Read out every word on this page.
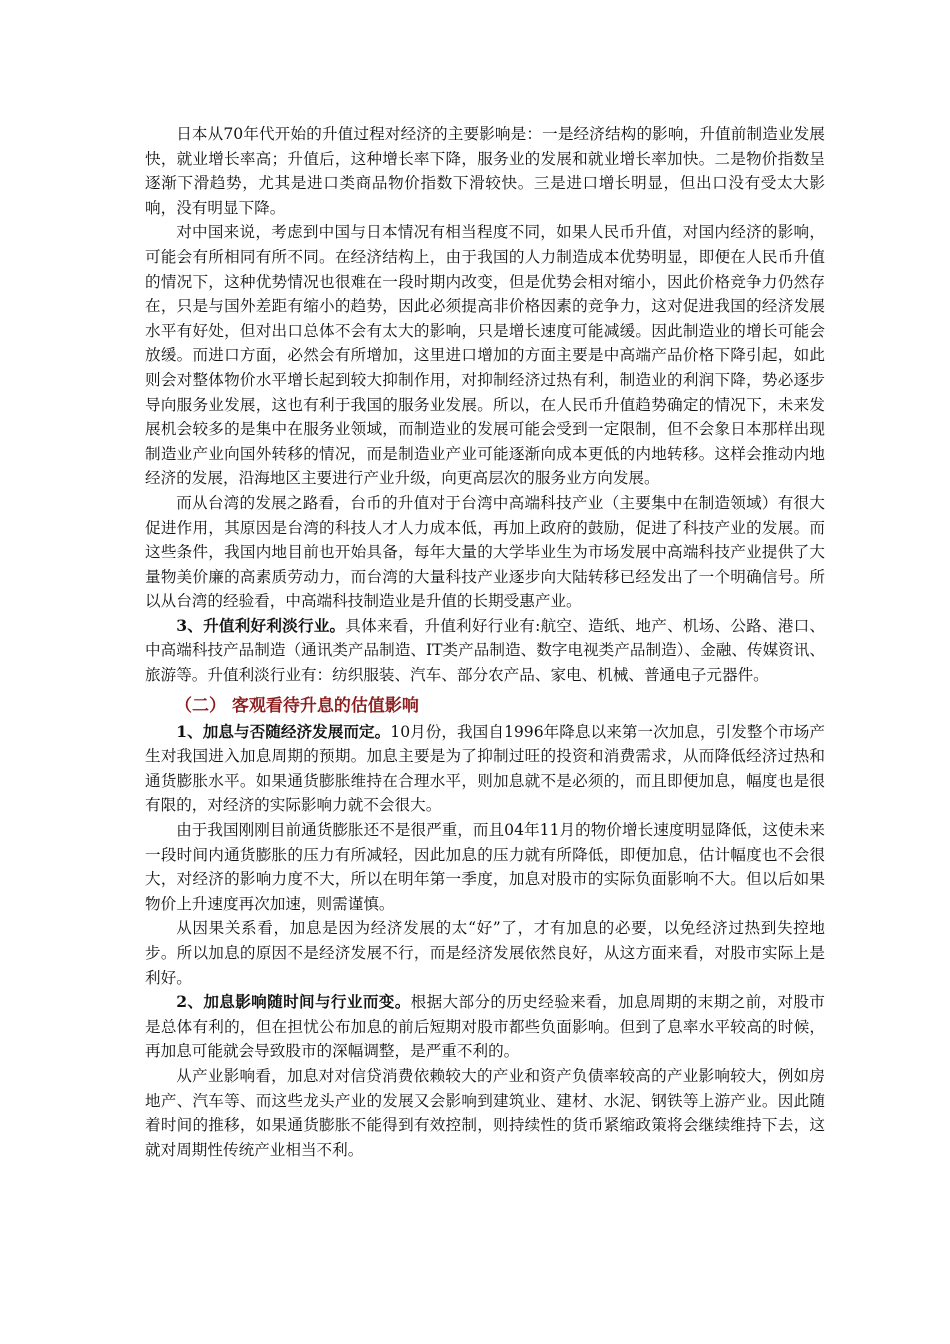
日本从70年代开始的升值过程对经济的主要影响是：一是经济结构的影响，升值前制造业发展快，就业增长率高；升值后，这种增长率下降，服务业的发展和就业增长率加快。二是物价指数呈逐渐下滑趋势，尤其是进口类商品物价指数下滑较快。三是进口增长明显，但出口没有受太大影响，没有明显下降。

对中国来说，考虑到中国与日本情况有相当程度不同，如果人民币升值，对国内经济的影响，可能会有所相同有所不同。在经济结构上，由于我国的人力制造成本优势明显，即便在人民币升值的情况下，这种优势情况也很难在一段时期内改变，但是优势会相对缩小，因此价格竞争力仍然存在，只是与国外差距有缩小的趋势，因此必须提高非价格因素的竞争力，这对促进我国的经济发展水平有好处，但对出口总体不会有太大的影响，只是增长速度可能减缓。因此制造业的增长可能会放缓。而进口方面，必然会有所增加，这里进口增加的方面主要是中高端产品价格下降引起，如此则会对整体物价水平增长起到较大抑制作用，对抑制经济过热有利，制造业的利润下降，势必逐步导向服务业发展，这也有利于我国的服务业发展。所以，在人民币升值趋势确定的情况下，未来发展机会较多的是集中在服务业领域，而制造业的发展可能会受到一定限制，但不会象日本那样出现制造业产业向国外转移的情况，而是制造业产业可能逐渐向成本更低的内地转移。这样会推动内地经济的发展，沿海地区主要进行产业升级，向更高层次的服务业方向发展。

而从台湾的发展之路看，台币的升值对于台湾中高端科技产业（主要集中在制造领域）有很大促进作用，其原因是台湾的科技人才人力成本低，再加上政府的鼓励，促进了科技产业的发展。而这些条件，我国内地目前也开始具备，每年大量的大学毕业生为市场发展中高端科技产业提供了大量物美价廉的高素质劳动力，而台湾的大量科技产业逐步向大陆转移已经发出了一个明确信号。所以从台湾的经验看，中高端科技制造业是升值的长期受惠产业。

3、升值利好利淡行业。具体来看，升值利好行业有:航空、造纸、地产、机场、公路、港口、中高端科技产品制造（通讯类产品制造、IT类产品制造、数字电视类产品制造）、金融、传媒资讯、旅游等。升值利淡行业有：纺织服装、汽车、部分农产品、家电、机械、普通电子元器件。

（二） 客观看待升息的估值影响

1、加息与否随经济发展而定。10月份，我国自1996年降息以来第一次加息，引发整个市场产生对我国进入加息周期的预期。加息主要是为了抑制过旺的投资和消费需求，从而降低经济过热和通货膨胀水平。如果通货膨胀维持在合理水平，则加息就不是必须的，而且即便加息，幅度也是很有限的，对经济的实际影响力就不会很大。

由于我国刚刚目前通货膨胀还不是很严重，而且04年11月的物价增长速度明显降低，这使未来一段时间内通货膨胀的压力有所减轻，因此加息的压力就有所降低，即便加息，估计幅度也不会很大，对经济的影响力度不大，所以在明年第一季度，加息对股市的实际负面影响不大。但以后如果物价上升速度再次加速，则需谨慎。

从因果关系看，加息是因为经济发展的太“好”了，才有加息的必要，以免经济过热到失控地步。所以加息的原因不是经济发展不行，而是经济发展依然良好，从这方面来看，对股市实际上是利好。

2、加息影响随时间与行业而变。根据大部分的历史经验来看，加息周期的末期之前，对股市是总体有利的，但在担忧公布加息的前后短期对股市都些负面影响。但到了息率水平较高的时候，再加息可能就会导致股市的深幅调整，是严重不利的。

从产业影响看，加息对对信贷消费依赖较大的产业和资产负债率较高的产业影响较大，例如房地产、汽车等、而这些龙头产业的发展又会影响到建筑业、建材、水泥、钢铁等上游产业。因此随着时间的推移，如果通货膨胀不能得到有效控制，则持续性的货币紧缩政策将会继续维持下去，这就对周期性传统产业相当不利。
